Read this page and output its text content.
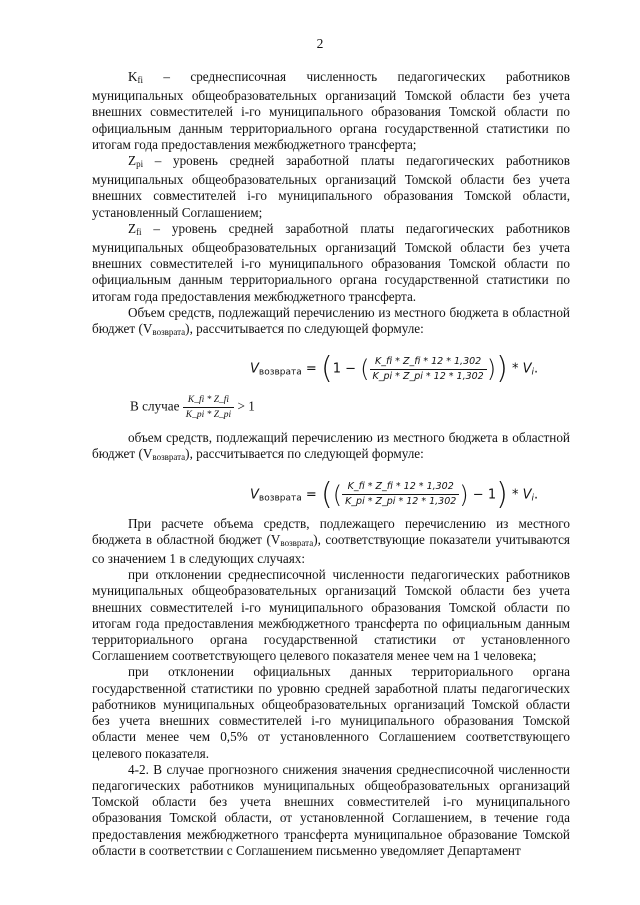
2

$K_{fi}$ – среднесписочная численность педагогических работников муниципальных общеобразовательных организаций Томской области без учета внешних совместителей i-го муниципального образования Томской области по официальным данным территориального органа государственной статистики по итогам года предоставления межбюджетного трансферта;

$Z_{pi}$ – уровень средней заработной платы педагогических работников муниципальных общеобразовательных организаций Томской области без учета внешних совместителей i-го муниципального образования Томской области, установленный Соглашением;

$Z_{fi}$ – уровень средней заработной платы педагогических работников муниципальных общеобразовательных организаций Томской области без учета внешних совместителей i-го муниципального образования Томской области по официальным данным территориального органа государственной статистики по итогам года предоставления межбюджетного трансферта.

Объем средств, подлежащий перечислению из местного бюджета в областной бюджет $(V_{возврата})$, рассчитывается по следующей формуле:

$V_{возврата} = (1$ − ( $\frac{K\_fi * Z\_fi * 12 * 1,302}{K\_pi * Z\_pi * 12 * 1,302}$ )) * $V_i$.
В случае $\frac{K\_fi * Z\_fi}{K\_pi * Z\_pi} > 1$

объем средств, подлежащий перечислению из местного бюджета в областной бюджет $(V_{возврата})$, рассчитывается по следующей формуле:

$V_{возврата}$ = (( $\frac{K\_fi * Z\_fi * 12 * 1,302}{K\_pi * Z\_pi * 12 * 1,302}$ ) − $1) * V_i$.

При расчете объема средств, подлежащего перечислению из местного бюджета в областной бюджет $(V_{возврата})$, соответствующие показатели учитываются со значением 1 в следующих случаях:

при отклонении среднесписочной численности педагогических работников муниципальных общеобразовательных организаций Томской области без учета внешних совместителей i-го муниципального образования Томской области по итогам года предоставления межбюджетного трансферта по официальным данным территориального органа государственной статистики от установленного Соглашением соответствующего целевого показателя менее чем на 1 человека;

при отклонении официальных данных территориального органа государственной статистики по уровню средней заработной платы педагогических работников муниципальных общеобразовательных организаций Томской области без учета внешних совместителей i-го муниципального образования Томской области менее чем 0,5% от установленного Соглашением соответствующего целевого показателя.

4-2. В случае прогнозного снижения значения среднесписочной численности педагогических работников муниципальных общеобразовательных организаций Томской области без учета внешних совместителей i-го муниципального образования Томской области, от установленной Соглашением, в течение года предоставления межбюджетного трансферта муниципальное образование Томской области в соответствии с Соглашением письменно уведомляет Департамент
